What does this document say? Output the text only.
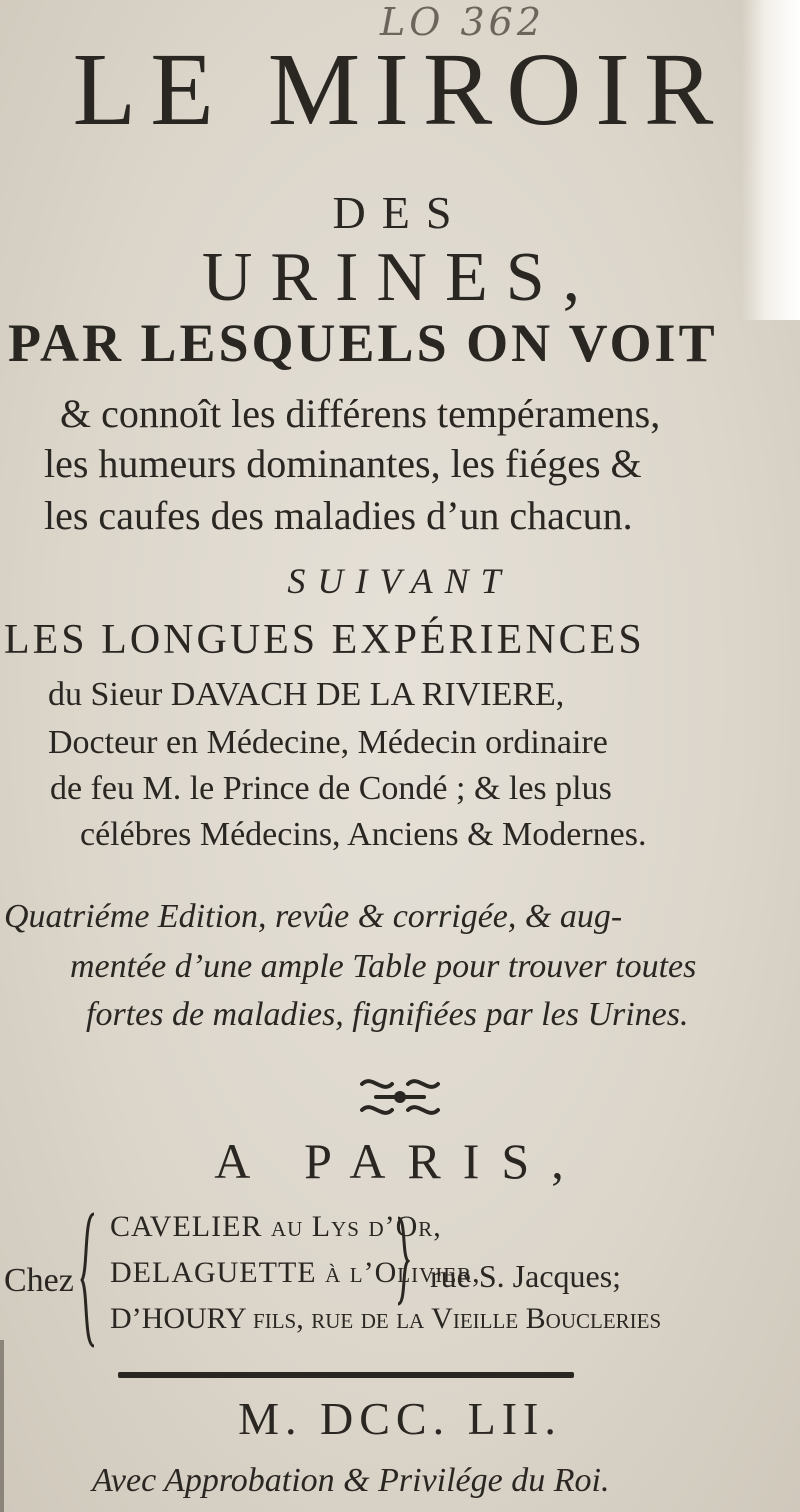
LO 362
LE MIROIR
DES
URINES,
PAR LESQUELS ON VOIT
& connoît les différens tempéramens,
les humeurs dominantes, les fiéges &
les caufes des maladies d’un chacun.
SUIVANT
LES LONGUES EXPÉRIENCES
du Sieur DAVACH DE LA RIVIERE,
Docteur en Médecine, Médecin ordinaire
de feu M. le Prince de Condé ; & les plus
célébres Médecins, Anciens & Modernes.
Quatriéme Edition, revûe & corrigée, & aug-
mentée d’une ample Table pour trouver toutes
fortes de maladies, fignifiées par les Urines.
A PARIS,
Chez
CAVELIER au Lys d’Or,
DELAGUETTE à l’Olivier,
D’HOURY fils, rue de la Vieille Boucleries
rue S. Jacques;
M. DCC. LII.
Avec Approbation & Privilége du Roi.
